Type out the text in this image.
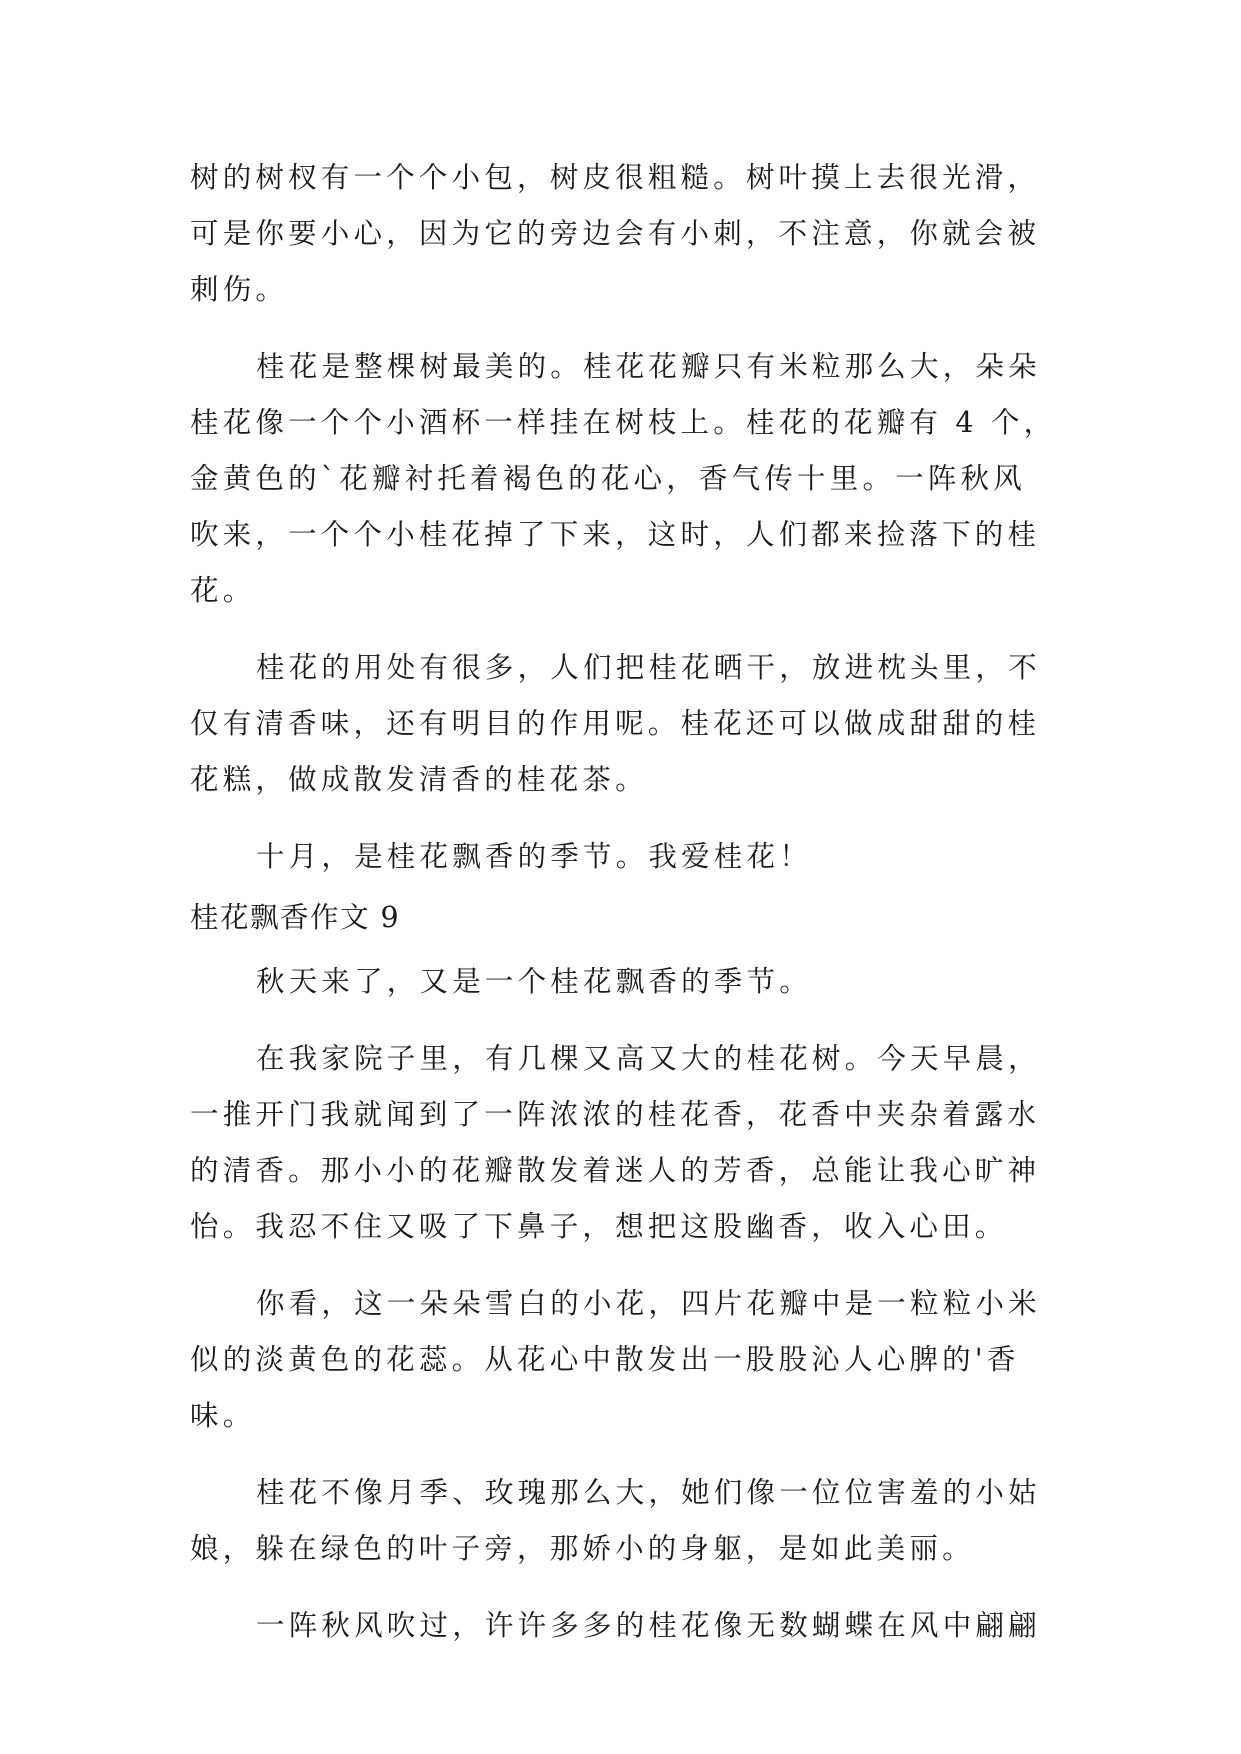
树的树杈有一个个小包，树皮很粗糙。树叶摸上去很光滑，
可是你要小心，因为它的旁边会有小刺，不注意，你就会被
刺伤。
桂花是整棵树最美的。桂花花瓣只有米粒那么大，朵朵
桂花像一个个小酒杯一样挂在树枝上。桂花的花瓣有 4 个，
金黄色的`花瓣衬托着褐色的花心，香气传十里。一阵秋风
吹来，一个个小桂花掉了下来，这时，人们都来捡落下的桂
花。
桂花的用处有很多，人们把桂花晒干，放进枕头里，不
仅有清香味，还有明目的作用呢。桂花还可以做成甜甜的桂
花糕，做成散发清香的桂花茶。
十月，是桂花飘香的季节。我爱桂花！
桂花飘香作文 9
秋天来了，又是一个桂花飘香的季节。
在我家院子里，有几棵又高又大的桂花树。今天早晨，
一推开门我就闻到了一阵浓浓的桂花香，花香中夹杂着露水
的清香。那小小的花瓣散发着迷人的芳香，总能让我心旷神
怡。我忍不住又吸了下鼻子，想把这股幽香，收入心田。
你看，这一朵朵雪白的小花，四片花瓣中是一粒粒小米
似的淡黄色的花蕊。从花心中散发出一股股沁人心脾的'香
味。
桂花不像月季、玫瑰那么大，她们像一位位害羞的小姑
娘，躲在绿色的叶子旁，那娇小的身躯，是如此美丽。
一阵秋风吹过，许许多多的桂花像无数蝴蝶在风中翩翩
